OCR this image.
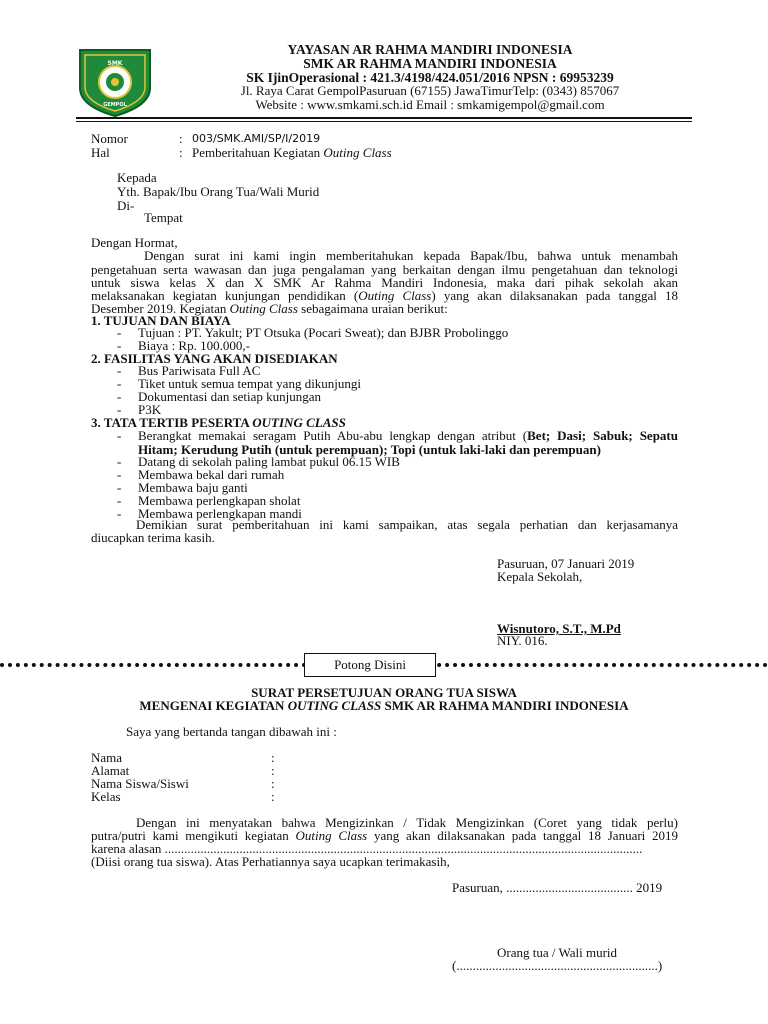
SMK
GEMPOL
YAYASAN AR RAHMA MANDIRI INDONESIA
SMK AR RAHMA MANDIRI INDONESIA
SK IjinOperasional : 421.3/4198/424.051/2016 NPSN : 69953239
Jl. Raya Carat GempolPasuruan (67155) JawaTimurTelp: (0343) 857067
Website : www.smkami.sch.id Email : smkamigempol@gmail.com
Nomor	: 003/SMK.AMI/SP/I/2019
Hal	: Pemberitahuan Kegiatan Outing Class
Kepada
Yth. Bapak/Ibu Orang Tua/Wali Murid
Di-
Tempat
Dengan Hormat,
Dengan surat ini kami ingin memberitahukan kepada Bapak/Ibu, bahwa untuk menambah
pengetahuan serta wawasan dan juga pengalaman yang berkaitan dengan ilmu pengetahuan dan teknologi
untuk siswa kelas X dan X SMK Ar Rahma Mandiri Indonesia, maka dari pihak sekolah akan
melaksanakan kegiatan kunjungan pendidikan (Outing Class) yang akan dilaksanakan pada tanggal 18
Desember 2019. Kegiatan Outing Class sebagaimana uraian berikut:
1. TUJUAN DAN BIAYA
- Tujuan : PT. Yakult; PT Otsuka (Pocari Sweat); dan BJBR Probolinggo
- Biaya : Rp. 100.000,-
2. FASILITAS YANG AKAN DISEDIAKAN
- Bus Pariwisata Full AC
- Tiket untuk semua tempat yang dikunjungi
- Dokumentasi dan setiap kunjungan
- P3K
3. TATA TERTIB PESERTA OUTING CLASS
- Berangkat memakai seragam Putih Abu-abu lengkap dengan atribut (Bet; Dasi; Sabuk; Sepatu
Hitam; Kerudung Putih (untuk perempuan); Topi (untuk laki-laki dan perempuan)
- Datang di sekolah paling lambat pukul 06.15 WIB
- Membawa bekal dari rumah
- Membawa baju ganti
- Membawa perlengkapan sholat
- Membawa perlengkapan mandi
Demikian surat pemberitahuan ini kami sampaikan, atas segala perhatian dan kerjasamanya
diucapkan terima kasih.
Pasuruan, 07 Januari 2019
Kepala Sekolah,
Wisnutoro, S.T., M.Pd
NIY. 016.
Potong Disini
SURAT PERSETUJUAN ORANG TUA SISWA
MENGENAI KEGIATAN OUTING CLASS SMK AR RAHMA MANDIRI INDONESIA
Saya yang bertanda tangan dibawah ini :
Nama	:
Alamat	:
Nama Siswa/Siswi	:
Kelas	:
Dengan ini menyatakan bahwa Mengizinkan / Tidak Mengizinkan (Coret yang tidak perlu)
putra/putri kami mengikuti kegiatan Outing Class yang akan dilaksanakan pada tanggal 18 Januari 2019
karena alasan ...................................................................................................................................................
(Diisi orang tua siswa). Atas Perhatiannya saya ucapkan terimakasih,
Pasuruan, ....................................... 2019
Orang tua / Wali murid
(..............................................................)
